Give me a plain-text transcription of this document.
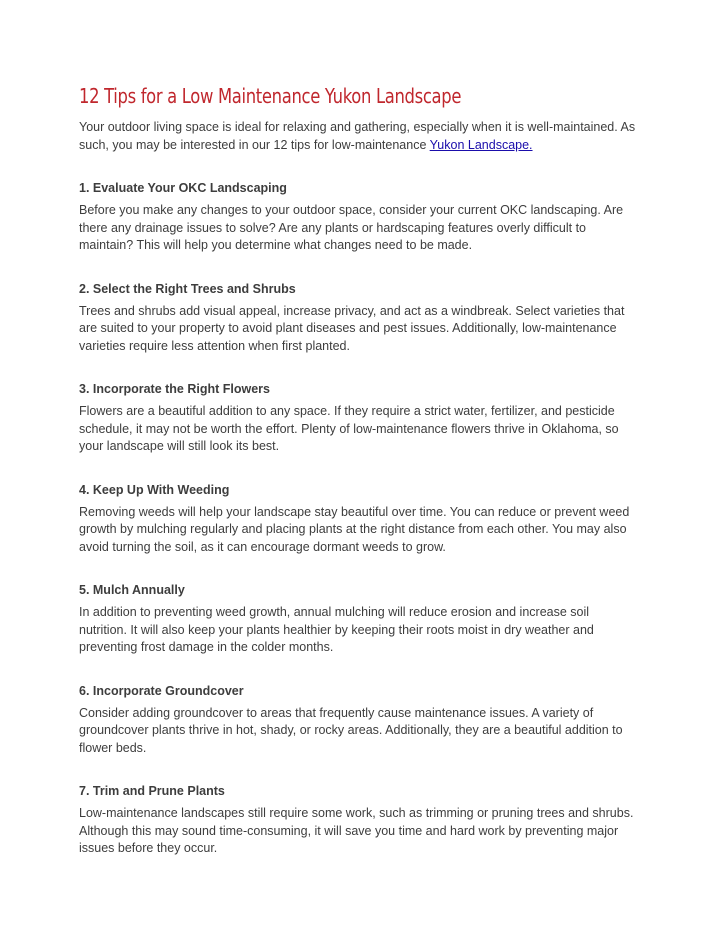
12 Tips for a Low Maintenance Yukon Landscape

Your outdoor living space is ideal for relaxing and gathering, especially when it is well-maintained. As such, you may be interested in our 12 tips for low-maintenance Yukon Landscape.

1. Evaluate Your OKC Landscaping

Before you make any changes to your outdoor space, consider your current OKC landscaping. Are there any drainage issues to solve? Are any plants or hardscaping features overly difficult to maintain? This will help you determine what changes need to be made.

2. Select the Right Trees and Shrubs

Trees and shrubs add visual appeal, increase privacy, and act as a windbreak. Select varieties that are suited to your property to avoid plant diseases and pest issues. Additionally, low-maintenance varieties require less attention when first planted.

3. Incorporate the Right Flowers

Flowers are a beautiful addition to any space. If they require a strict water, fertilizer, and pesticide schedule, it may not be worth the effort. Plenty of low-maintenance flowers thrive in Oklahoma, so your landscape will still look its best.

4. Keep Up With Weeding

Removing weeds will help your landscape stay beautiful over time. You can reduce or prevent weed growth by mulching regularly and placing plants at the right distance from each other. You may also avoid turning the soil, as it can encourage dormant weeds to grow.

5. Mulch Annually

In addition to preventing weed growth, annual mulching will reduce erosion and increase soil nutrition. It will also keep your plants healthier by keeping their roots moist in dry weather and preventing frost damage in the colder months.

6. Incorporate Groundcover

Consider adding groundcover to areas that frequently cause maintenance issues. A variety of groundcover plants thrive in hot, shady, or rocky areas. Additionally, they are a beautiful addition to flower beds.

7. Trim and Prune Plants

Low-maintenance landscapes still require some work, such as trimming or pruning trees and shrubs. Although this may sound time-consuming, it will save you time and hard work by preventing major issues before they occur.
